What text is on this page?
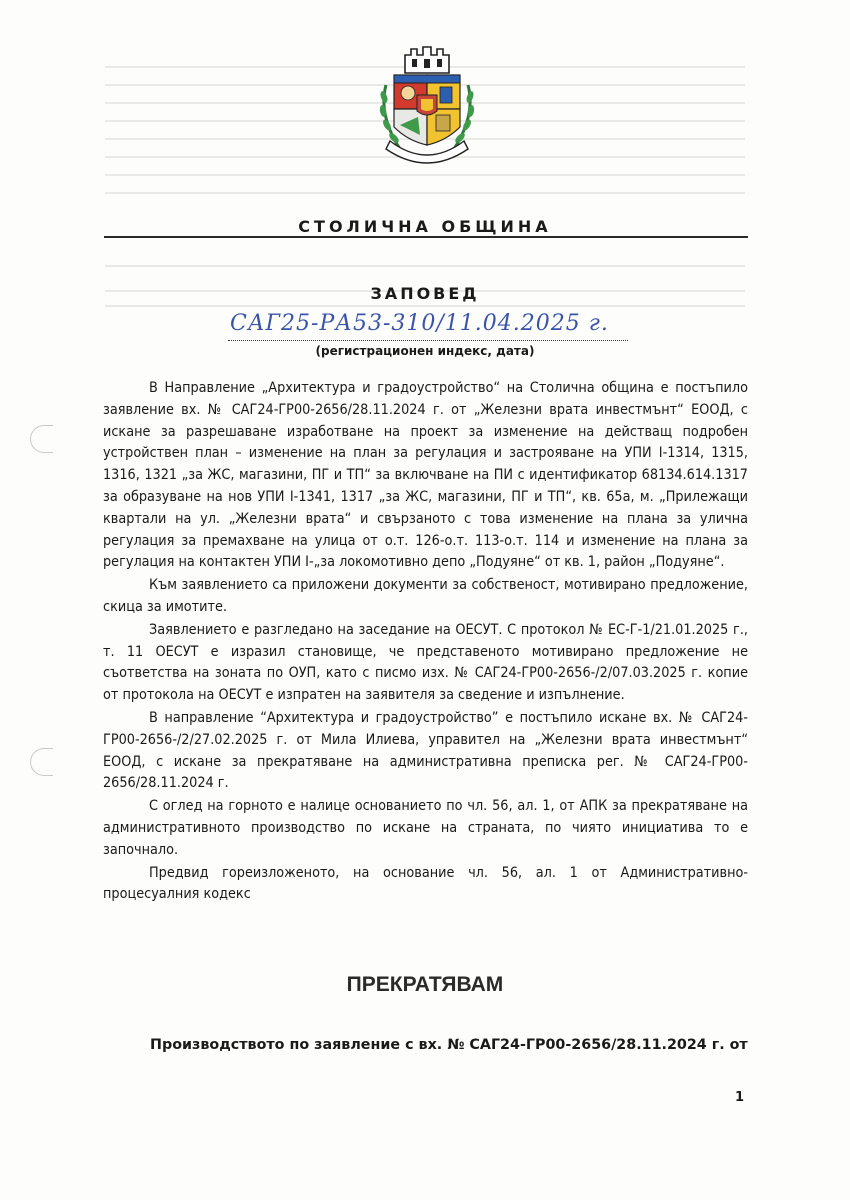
СТОЛИЧНА ОБЩИНА
ЗАПОВЕД
САГ25-РА53-310/11.04.2025 г.
(регистрационен индекс, дата)

В Направление „Архитектура и градоустройство“ на Столична община е постъпило заявление вх. № САГ24-ГР00-2656/28.11.2024 г. от „Железни врата инвестмънт“ ЕООД, с искане за разрешаване изработване на проект за изменение на действащ подробен устройствен план – изменение на план за регулация и застрояване на УПИ I-1314, 1315, 1316, 1321 „за ЖС, магазини, ПГ и ТП“ за включване на ПИ с идентификатор 68134.614.1317 за образуване на нов УПИ I-1341, 1317 „за ЖС, магазини, ПГ и ТП“, кв. 65а, м. „Прилежащи квартали на ул. „Железни врата“ и свързаното с това изменение на плана за улична регулация за премахване на улица от о.т. 126-о.т. 113-о.т. 114 и изменение на плана за регулация на контактен УПИ I-„за локомотивно депо „Подуяне“ от кв. 1, район „Подуяне“.

Към заявлението са приложени документи за собственост, мотивирано предложение, скица за имотите.

Заявлението е разгледано на заседание на ОЕСУТ. С протокол № ЕС-Г-1/21.01.2025 г., т. 11 ОЕСУТ е изразил становище, че представеното мотивирано предложение не съответства на зоната по ОУП, като с писмо изх. № САГ24-ГР00-2656-/2/07.03.2025 г. копие от протокола на ОЕСУТ е изпратен на заявителя за сведение и изпълнение.

В направление “Архитектура и градоустройство” е постъпило искане вх. № САГ24-ГР00-2656-/2/27.02.2025 г. от Мила Илиева, управител на „Железни врата инвестмънт“ ЕООД, с искане за прекратяване на административна преписка рег. № САГ24-ГР00-2656/28.11.2024 г.

С оглед на горното е налице основанието по чл. 56, ал. 1, от АПК за прекратяване на административното производство по искане на страната, по чиято инициатива то е започнало.

Предвид гореизложеното, на основание чл. 56, ал. 1 от Административно-процесуалния кодекс

ПРЕКРАТЯВАМ
Производството по заявление с вх. № САГ24-ГР00-2656/28.11.2024 г. от
1
